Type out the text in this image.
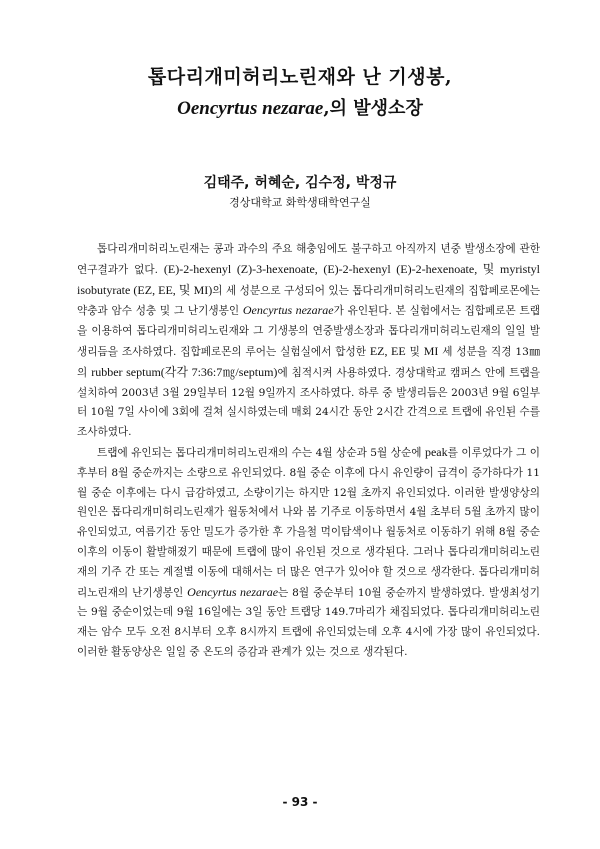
톱다리개미허리노린재와 난 기생봉,
Oencyrtus nezarae,의 발생소장
김태주, 허혜순, 김수정, 박정규
경상대학교 화학생태학연구실

톱다리개미허리노린재는 콩과 과수의 주요 해충임에도 불구하고 아직까지 년중 발생소장에 관한 연구결과가 없다. (E)-2-hexenyl (Z)-3-hexenoate, (E)-2-hexenyl (E)-2-hexenoate, 및 myristyl isobutyrate (EZ, EE, 및 MI)의 세 성분으로 구성되어 있는 톱다리개미허리노린재의 집합페로몬에는 약충과 암수 성충 및 그 난기생봉인 Oencyrtus nezarae가 유인된다. 본 실험에서는 집합페로몬 트랩을 이용하여 톱다리개미허리노린재와 그 기생봉의 연중발생소장과 톱다리개미허리노린재의 일일 발생리듬을 조사하였다. 집합페로몬의 루어는 실험실에서 합성한 EZ, EE 및 MI 세 성분을 직경 13㎜의 rubber septum(각각 7:36:7㎎/septum)에 침적시켜 사용하였다. 경상대학교 캠퍼스 안에 트랩을 설치하여 2003년 3월 29일부터 12월 9일까지 조사하였다. 하루 중 발생리듬은 2003년 9월 6일부터 10월 7일 사이에 3회에 걸쳐 실시하였는데 매회 24시간 동안 2시간 간격으로 트랩에 유인된 수를 조사하였다.

트랩에 유인되는 톱다리개미허리노린재의 수는 4월 상순과 5월 상순에 peak를 이루었다가 그 이후부터 8월 중순까지는 소량으로 유인되었다. 8월 중순 이후에 다시 유인량이 급격이 증가하다가 11월 중순 이후에는 다시 급감하였고, 소량이기는 하지만 12월 초까지 유인되었다. 이러한 발생양상의 원인은 톱다리개미허리노린재가 월동처에서 나와 봄 기주로 이동하면서 4월 초부터 5월 초까지 많이 유인되었고, 여름기간 동안 밀도가 증가한 후 가을철 먹이탐색이나 월동처로 이동하기 위해 8월 중순 이후의 이동이 활발해졌기 때문에 트랩에 많이 유인된 것으로 생각된다. 그러나 톱다리개미허리노린재의 기주 간 또는 계절별 이동에 대해서는 더 많은 연구가 있어야 할 것으로 생각한다. 톱다리개미허리노린재의 난기생봉인 Oencyrtus nezarae는 8월 중순부터 10월 중순까지 발생하였다. 발생최성기는 9월 중순이었는데 9월 16일에는 3일 동안 트랩당 149.7마리가 채집되었다. 톱다리개미허리노린재는 암수 모두 오전 8시부터 오후 8시까지 트랩에 유인되었는데 오후 4시에 가장 많이 유인되었다. 이러한 활동양상은 일일 중 온도의 증감과 관계가 있는 것으로 생각된다.

- 93 -
